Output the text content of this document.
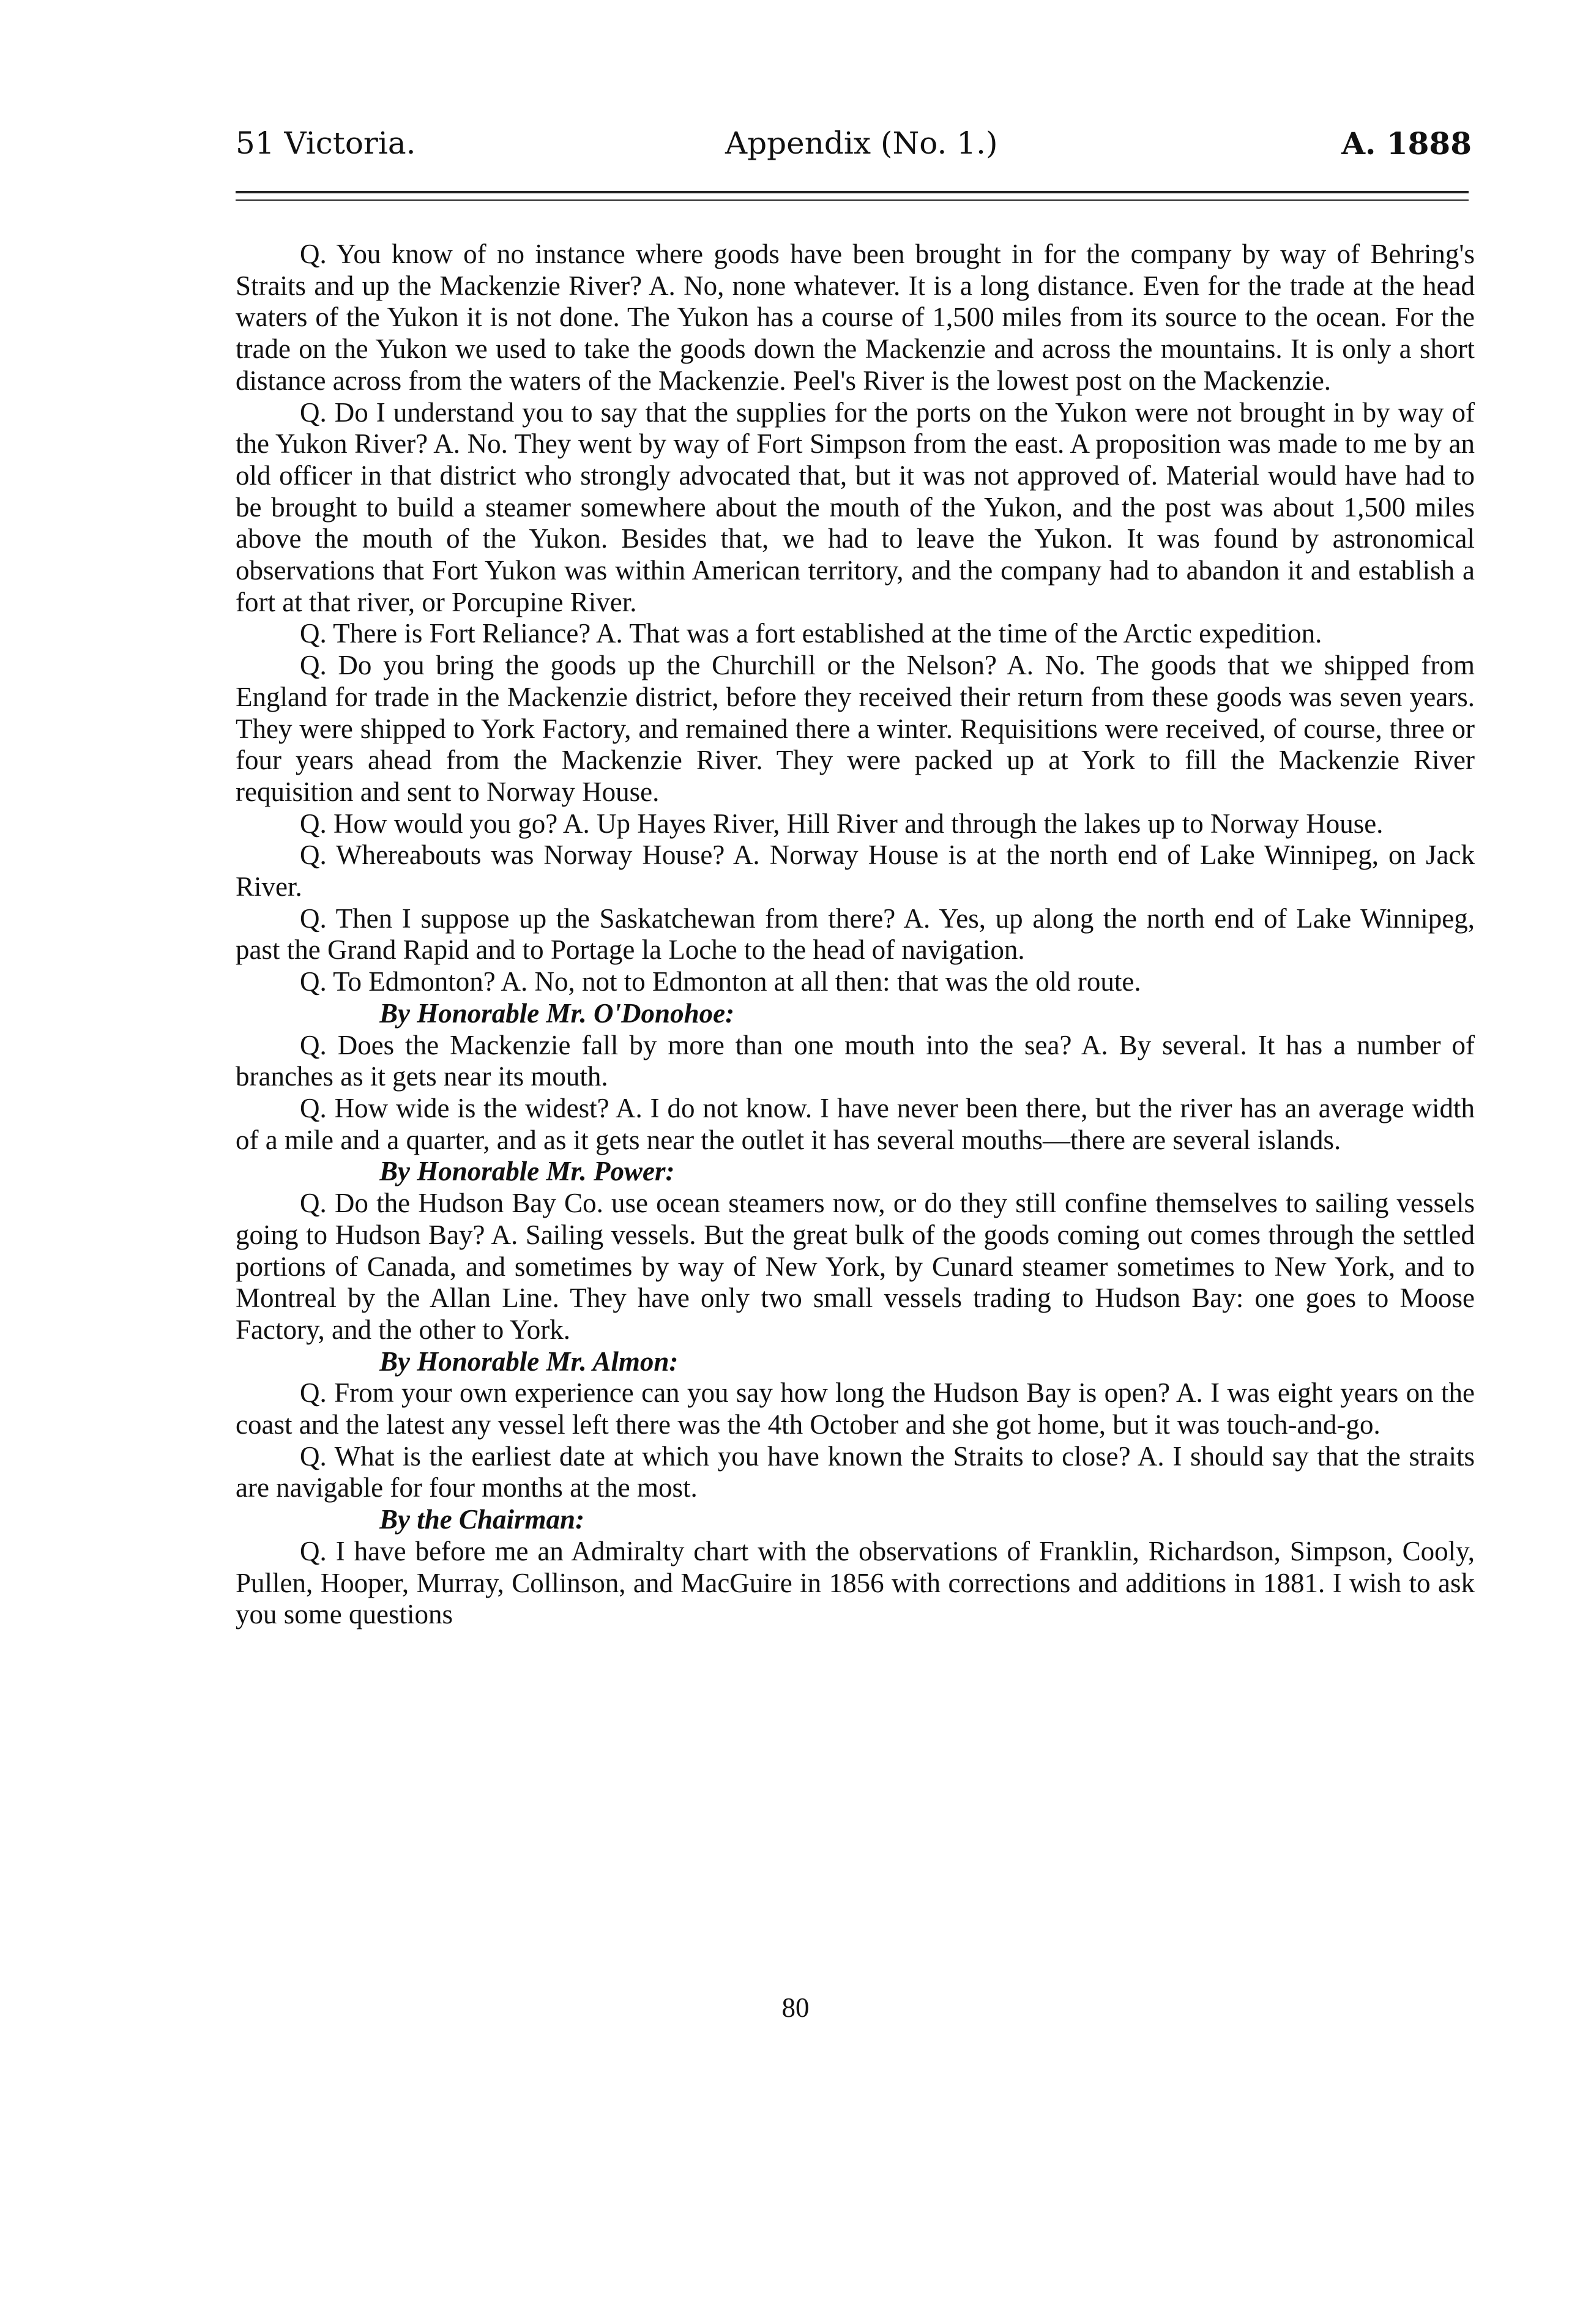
51 Victoria.	Appendix (No. 1.)	A. 1888

Q. You know of no instance where goods have been brought in for the company by way of Behring's Straits and up the Mackenzie River? A. No, none whatever. It is a long distance. Even for the trade at the head waters of the Yukon it is not done. The Yukon has a course of 1,500 miles from its source to the ocean. For the trade on the Yukon we used to take the goods down the Mackenzie and across the mountains. It is only a short distance across from the waters of the Mackenzie. Peel's River is the lowest post on the Mackenzie.

Q. Do I understand you to say that the supplies for the ports on the Yukon were not brought in by way of the Yukon River? A. No. They went by way of Fort Simpson from the east. A proposition was made to me by an old officer in that district who strongly advocated that, but it was not approved of. Material would have had to be brought to build a steamer somewhere about the mouth of the Yukon, and the post was about 1,500 miles above the mouth of the Yukon. Besides that, we had to leave the Yukon. It was found by astronomical observations that Fort Yukon was within American territory, and the company had to abandon it and establish a fort at that river, or Porcupine River.

Q. There is Fort Reliance? A. That was a fort established at the time of the Arctic expedition.

Q. Do you bring the goods up the Churchill or the Nelson? A. No. The goods that we shipped from England for trade in the Mackenzie district, before they received their return from these goods was seven years. They were shipped to York Factory, and remained there a winter. Requisitions were received, of course, three or four years ahead from the Mackenzie River. They were packed up at York to fill the Mackenzie River requisition and sent to Norway House.

Q. How would you go? A. Up Hayes River, Hill River and through the lakes up to Norway House.

Q. Whereabouts was Norway House? A. Norway House is at the north end of Lake Winnipeg, on Jack River.

Q. Then I suppose up the Saskatchewan from there? A. Yes, up along the north end of Lake Winnipeg, past the Grand Rapid and to Portage la Loche to the head of navigation.

Q. To Edmonton? A. No, not to Edmonton at all then: that was the old route.

By Honorable Mr. O'Donohoe:

Q. Does the Mackenzie fall by more than one mouth into the sea? A. By several. It has a number of branches as it gets near its mouth.

Q. How wide is the widest? A. I do not know. I have never been there, but the river has an average width of a mile and a quarter, and as it gets near the outlet it has several mouths—there are several islands.

By Honorable Mr. Power:

Q. Do the Hudson Bay Co. use ocean steamers now, or do they still confine themselves to sailing vessels going to Hudson Bay? A. Sailing vessels. But the great bulk of the goods coming out comes through the settled portions of Canada, and sometimes by way of New York, by Cunard steamer sometimes to New York, and to Montreal by the Allan Line. They have only two small vessels trading to Hudson Bay: one goes to Moose Factory, and the other to York.

By Honorable Mr. Almon:

Q. From your own experience can you say how long the Hudson Bay is open? A. I was eight years on the coast and the latest any vessel left there was the 4th October and she got home, but it was touch-and-go.

Q. What is the earliest date at which you have known the Straits to close? A. I should say that the straits are navigable for four months at the most.

By the Chairman:

Q. I have before me an Admiralty chart with the observations of Franklin, Richardson, Simpson, Cooly, Pullen, Hooper, Murray, Collinson, and MacGuire in 1856 with corrections and additions in 1881. I wish to ask you some questions

80
